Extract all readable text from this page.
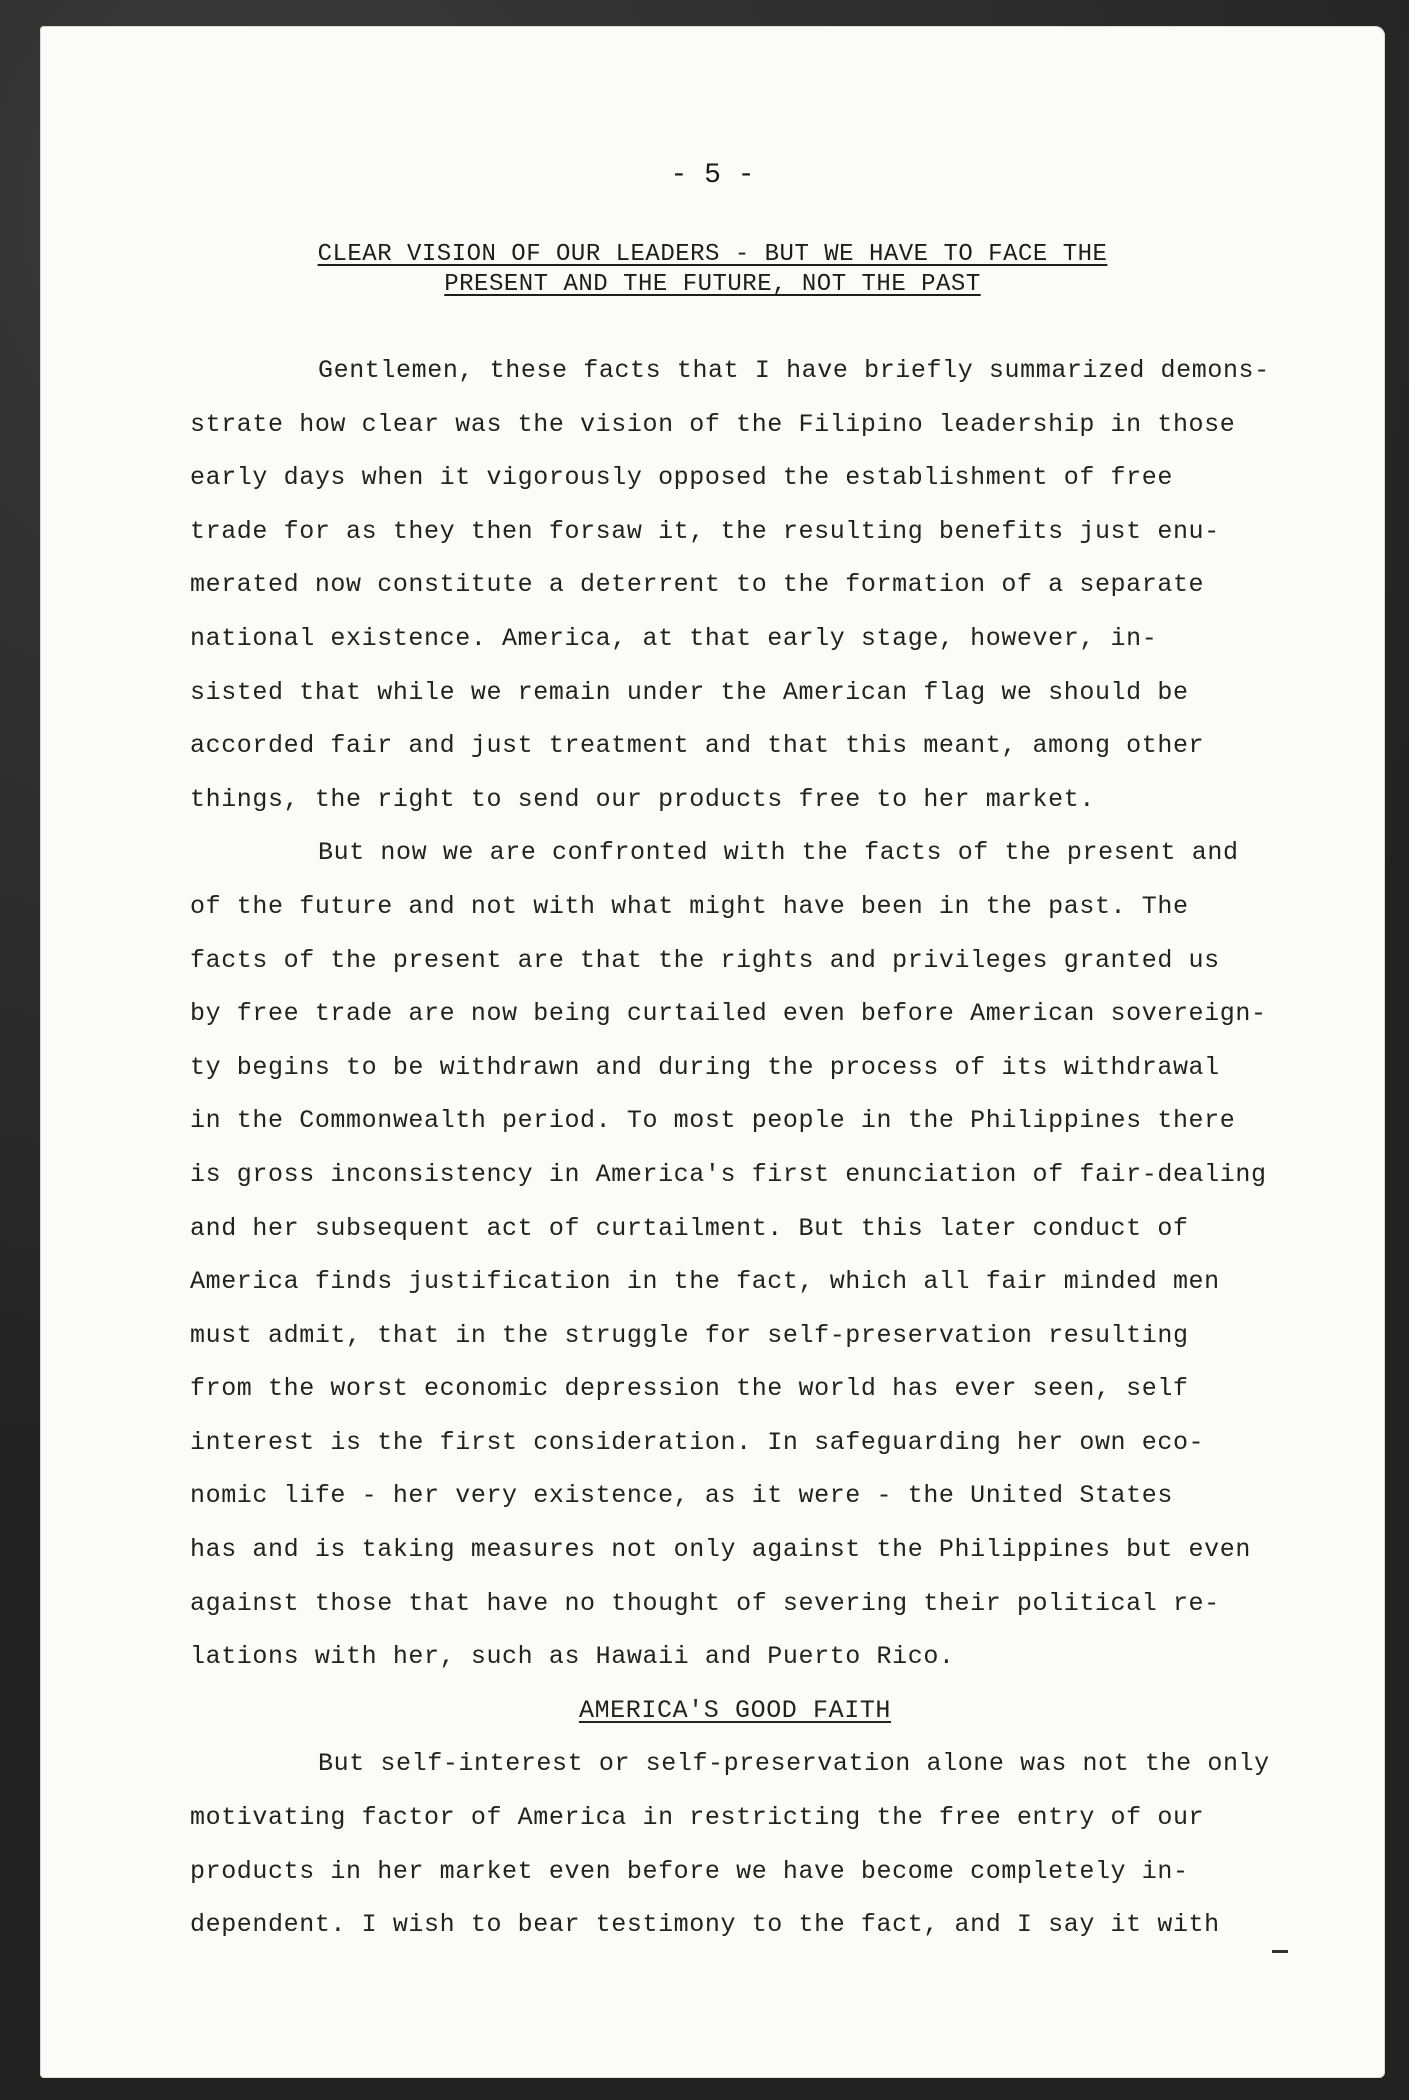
- 5 -
CLEAR VISION OF OUR LEADERS - BUT WE HAVE TO FACE THE
PRESENT AND THE FUTURE, NOT THE PAST
Gentlemen, these facts that I have briefly summarized demons-
strate how clear was the vision of the Filipino leadership in those
early days when it vigorously opposed the establishment of free
trade for as they then forsaw it, the resulting benefits just enu-
merated now constitute a deterrent to the formation of a separate
national existence. America, at that early stage, however, in-
sisted that while we remain under the American flag we should be
accorded fair and just treatment and that this meant, among other
things, the right to send our products free to her market.
But now we are confronted with the facts of the present and
of the future and not with what might have been in the past. The
facts of the present are that the rights and privileges granted us
by free trade are now being curtailed even before American sovereign-
ty begins to be withdrawn and during the process of its withdrawal
in the Commonwealth period. To most people in the Philippines there
is gross inconsistency in America's first enunciation of fair-dealing
and her subsequent act of curtailment. But this later conduct of
America finds justification in the fact, which all fair minded men
must admit, that in the struggle for self-preservation resulting
from the worst economic depression the world has ever seen, self
interest is the first consideration. In safeguarding her own eco-
nomic life - her very existence, as it were - the United States
has and is taking measures not only against the Philippines but even
against those that have no thought of severing their political re-
lations with her, such as Hawaii and Puerto Rico.
AMERICA'S GOOD FAITH
But self-interest or self-preservation alone was not the only
motivating factor of America in restricting the free entry of our
products in her market even before we have become completely in-
dependent. I wish to bear testimony to the fact, and I say it with
